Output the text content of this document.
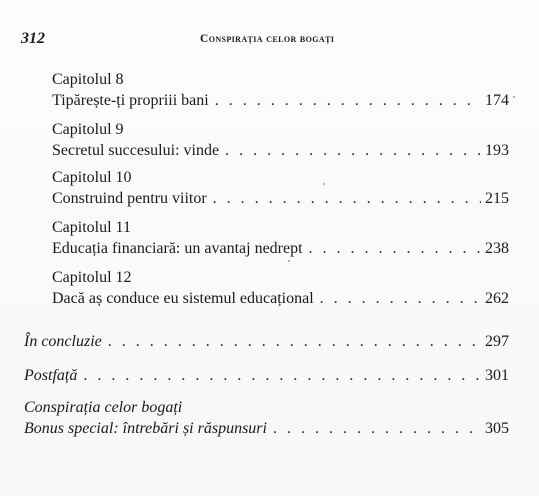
312	Conspirația celor bogați
Capitolul 8
Tipărește-ți propriii bani . . .	174
Capitolul 9
Secretul succesului: vinde . . .	193
Capitolul 10
Construind pentru viitor . . .	215
Capitolul 11
Educația financiară: un avantaj nedrept . . .	238
Capitolul 12
Dacă aș conduce eu sistemul educațional . . .	262
În concluzie . . .	297
Postfață . . .	301
Conspirația celor bogați
Bonus special: întrebări și răspunsuri . . .	305
